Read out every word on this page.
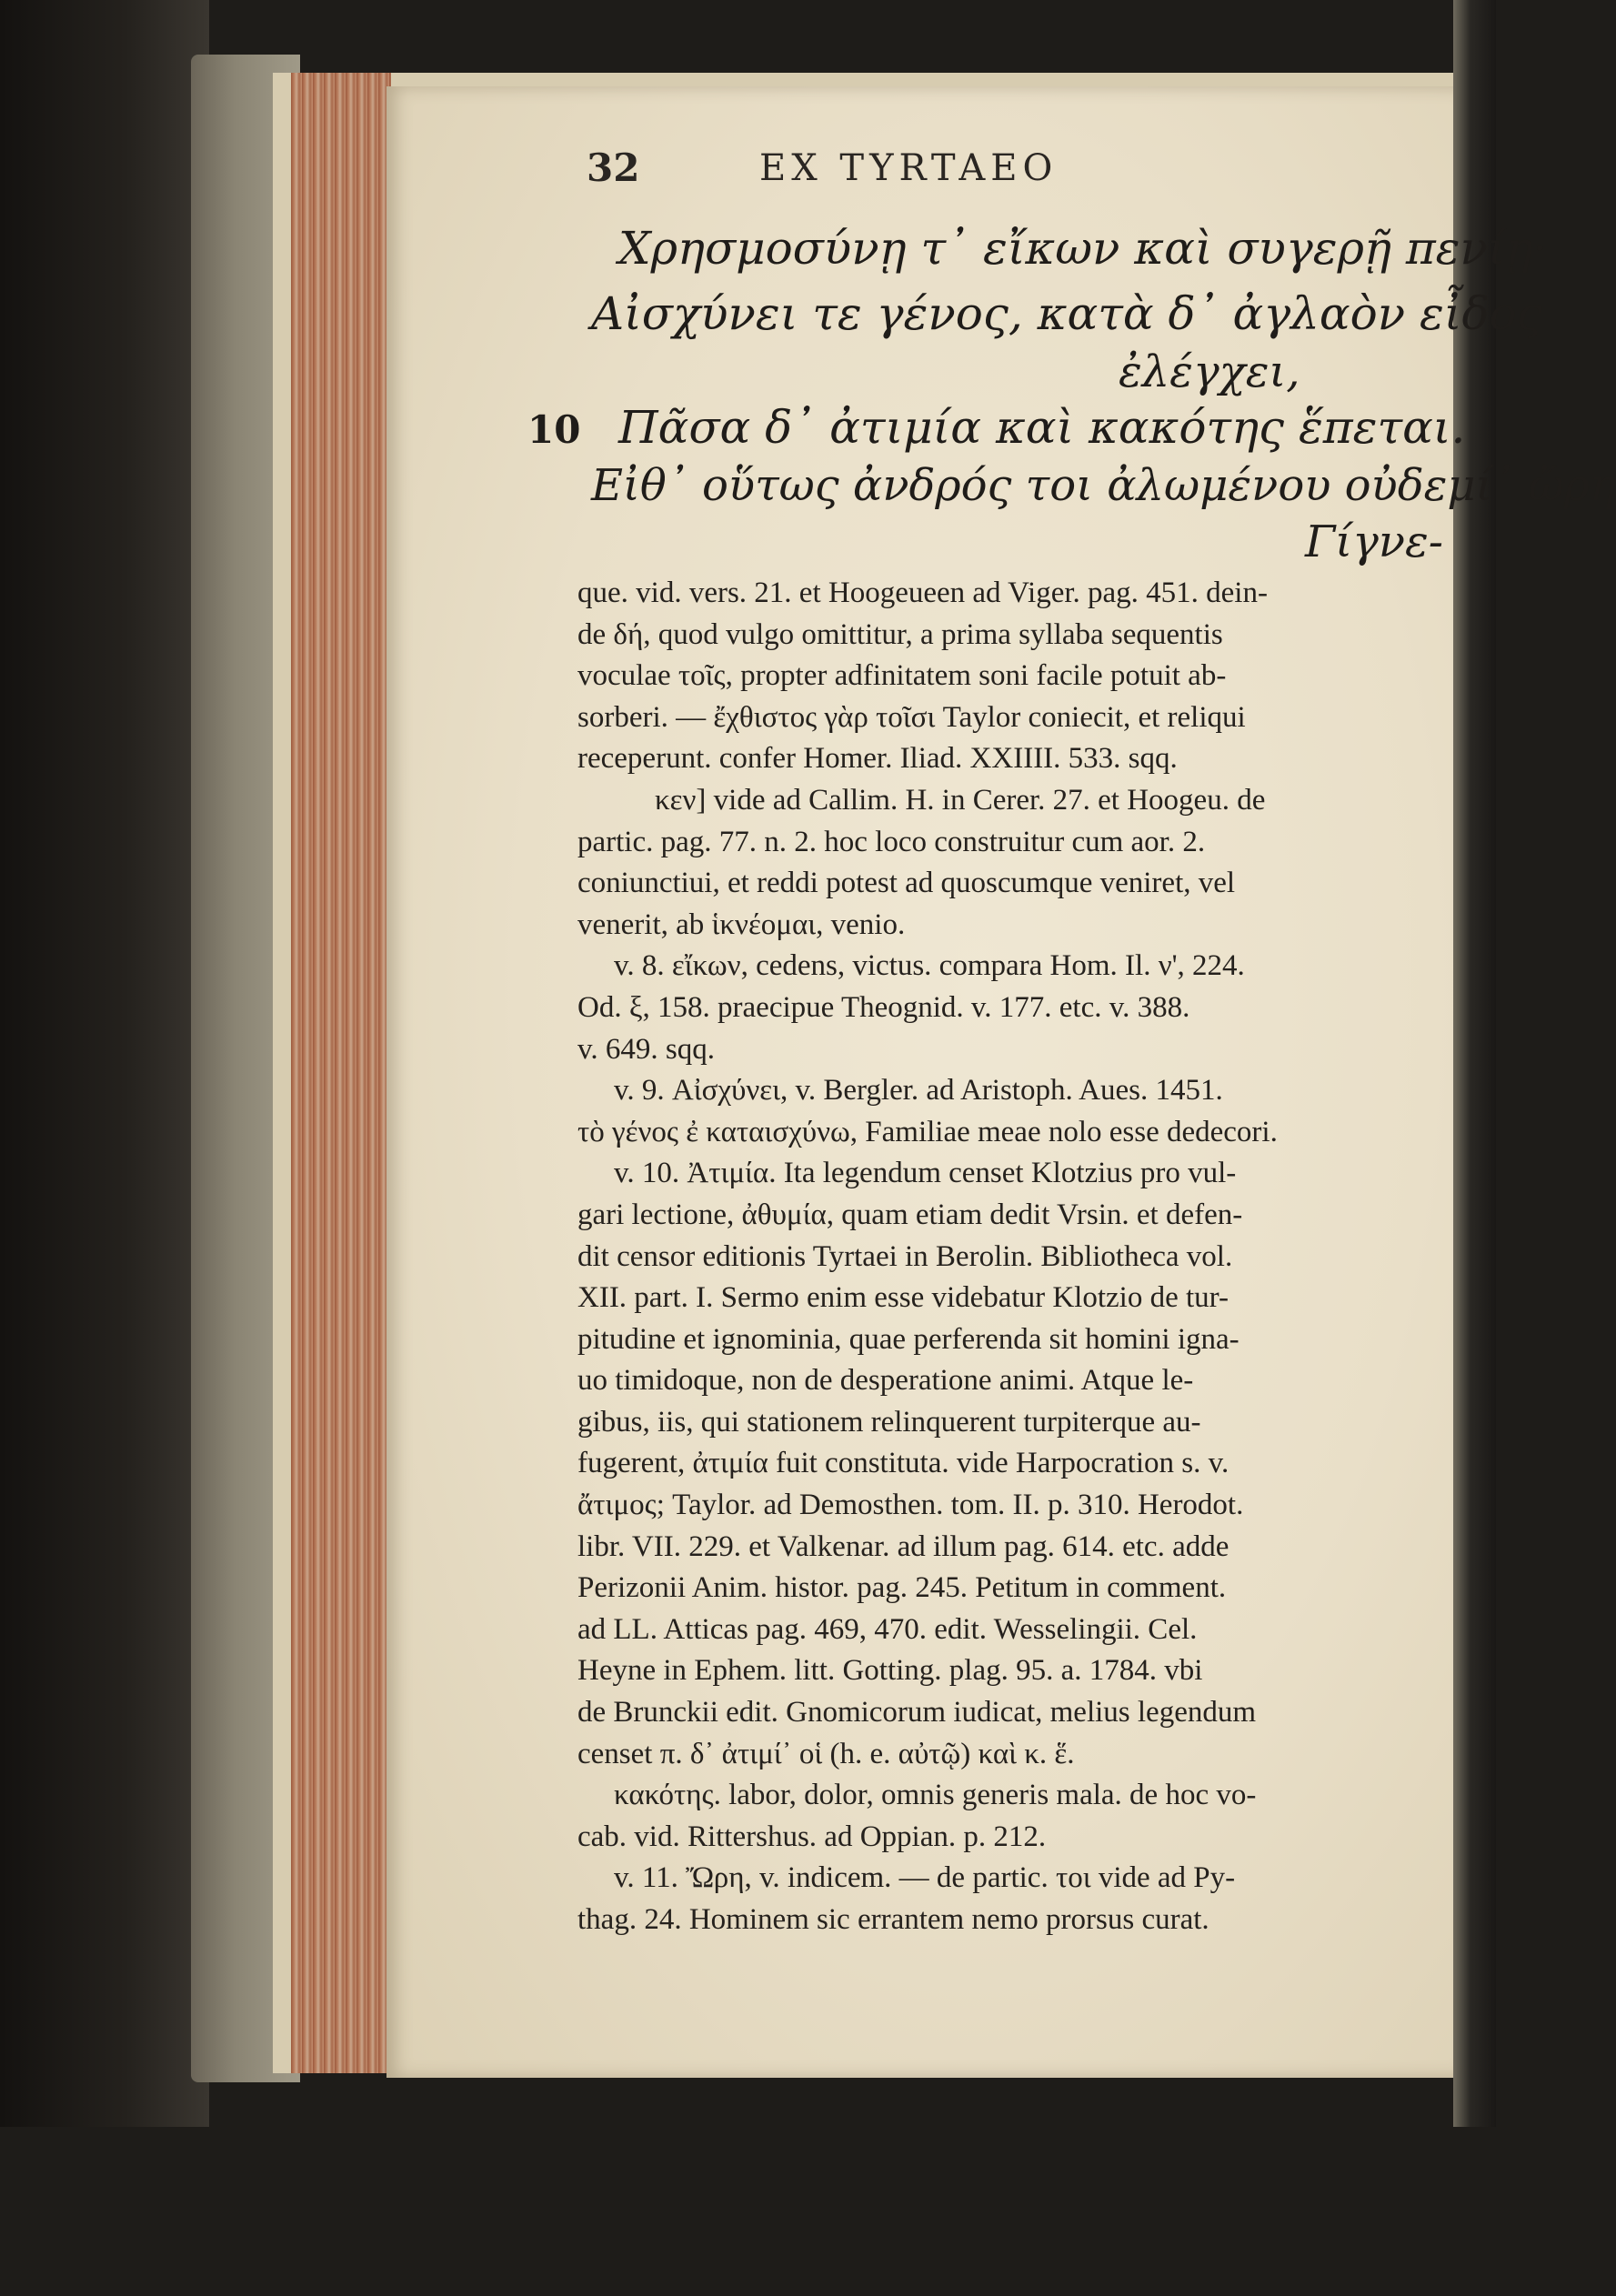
32	EX TYRTAEO
Χρησμοσύνῃ τ᾽ εἴκων καὶ συγερῇ πενίῃ·
Αἰσχύνει τε γένος, κατὰ δ᾽ ἀγλαὸν εἶδος
ἐλέγχει,
10 Πᾶσα δ᾽ ἀτιμία καὶ κακότης ἕπεται.
Εἰθ᾽ οὕτως ἀνδρός τοι ἀλωμένου οὐδεμί᾽ ὤρη
Γίγνε-
que. vid. vers. 21. et Hoogeueen ad Viger. pag. 451. dein-
de δή, quod vulgo omittitur, a prima syllaba sequentis
voculae τοῖς, propter adfinitatem soni facile potuit ab-
sorberi. — ἔχθιστος γὰρ τοῖσι Taylor coniecit, et reliqui
receperunt. confer Homer. Iliad. XXIIII. 533. sqq.
κεν] vide ad Callim. H. in Cerer. 27. et Hoogeu. de
partic. pag. 77. n. 2. hoc loco construitur cum aor. 2.
coniunctiui, et reddi potest ad quoscumque veniret, vel
venerit, ab ἱκνέομαι, venio.
v. 8. εἴκων, cedens, victus. compara Hom. Il. ν', 224.
Od. ξ, 158. praecipue Theognid. v. 177. etc. v. 388.
v. 649. sqq.
v. 9. Αἰσχύνει, v. Bergler. ad Aristoph. Aues. 1451.
τὸ γένος ἐ καταισχύνω, Familiae meae nolo esse dedecori.
v. 10. Ἀτιμία. Ita legendum censet Klotzius pro vul-
gari lectione, ἀθυμία, quam etiam dedit Vrsin. et defen-
dit censor editionis Tyrtaei in Berolin. Bibliotheca vol.
XII. part. I. Sermo enim esse videbatur Klotzio de tur-
pitudine et ignominia, quae perferenda sit homini igna-
uo timidoque, non de desperatione animi. Atque le-
gibus, iis, qui stationem relinquerent turpiterque au-
fugerent, ἀτιμία fuit constituta. vide Harpocration s. v.
ἄτιμος; Taylor. ad Demosthen. tom. II. p. 310. Herodot.
libr. VII. 229. et Valkenar. ad illum pag. 614. etc. adde
Perizonii Anim. histor. pag. 245. Petitum in comment.
ad LL. Atticas pag. 469, 470. edit. Wesselingii. Cel.
Heyne in Ephem. litt. Gotting. plag. 95. a. 1784. vbi
de Brunckii edit. Gnomicorum iudicat, melius legendum
censet π. δ᾽ ἀτιμί᾽ οἱ (h. e. αὐτῷ) καὶ κ. ἕ.
κακότης. labor, dolor, omnis generis mala. de hoc vo-
cab. vid. Rittershus. ad Oppian. p. 212.
v. 11. Ὤρη, v. indicem. — de partic. τοι vide ad Py-
thag. 24. Hominem sic errantem nemo prorsus curat.
